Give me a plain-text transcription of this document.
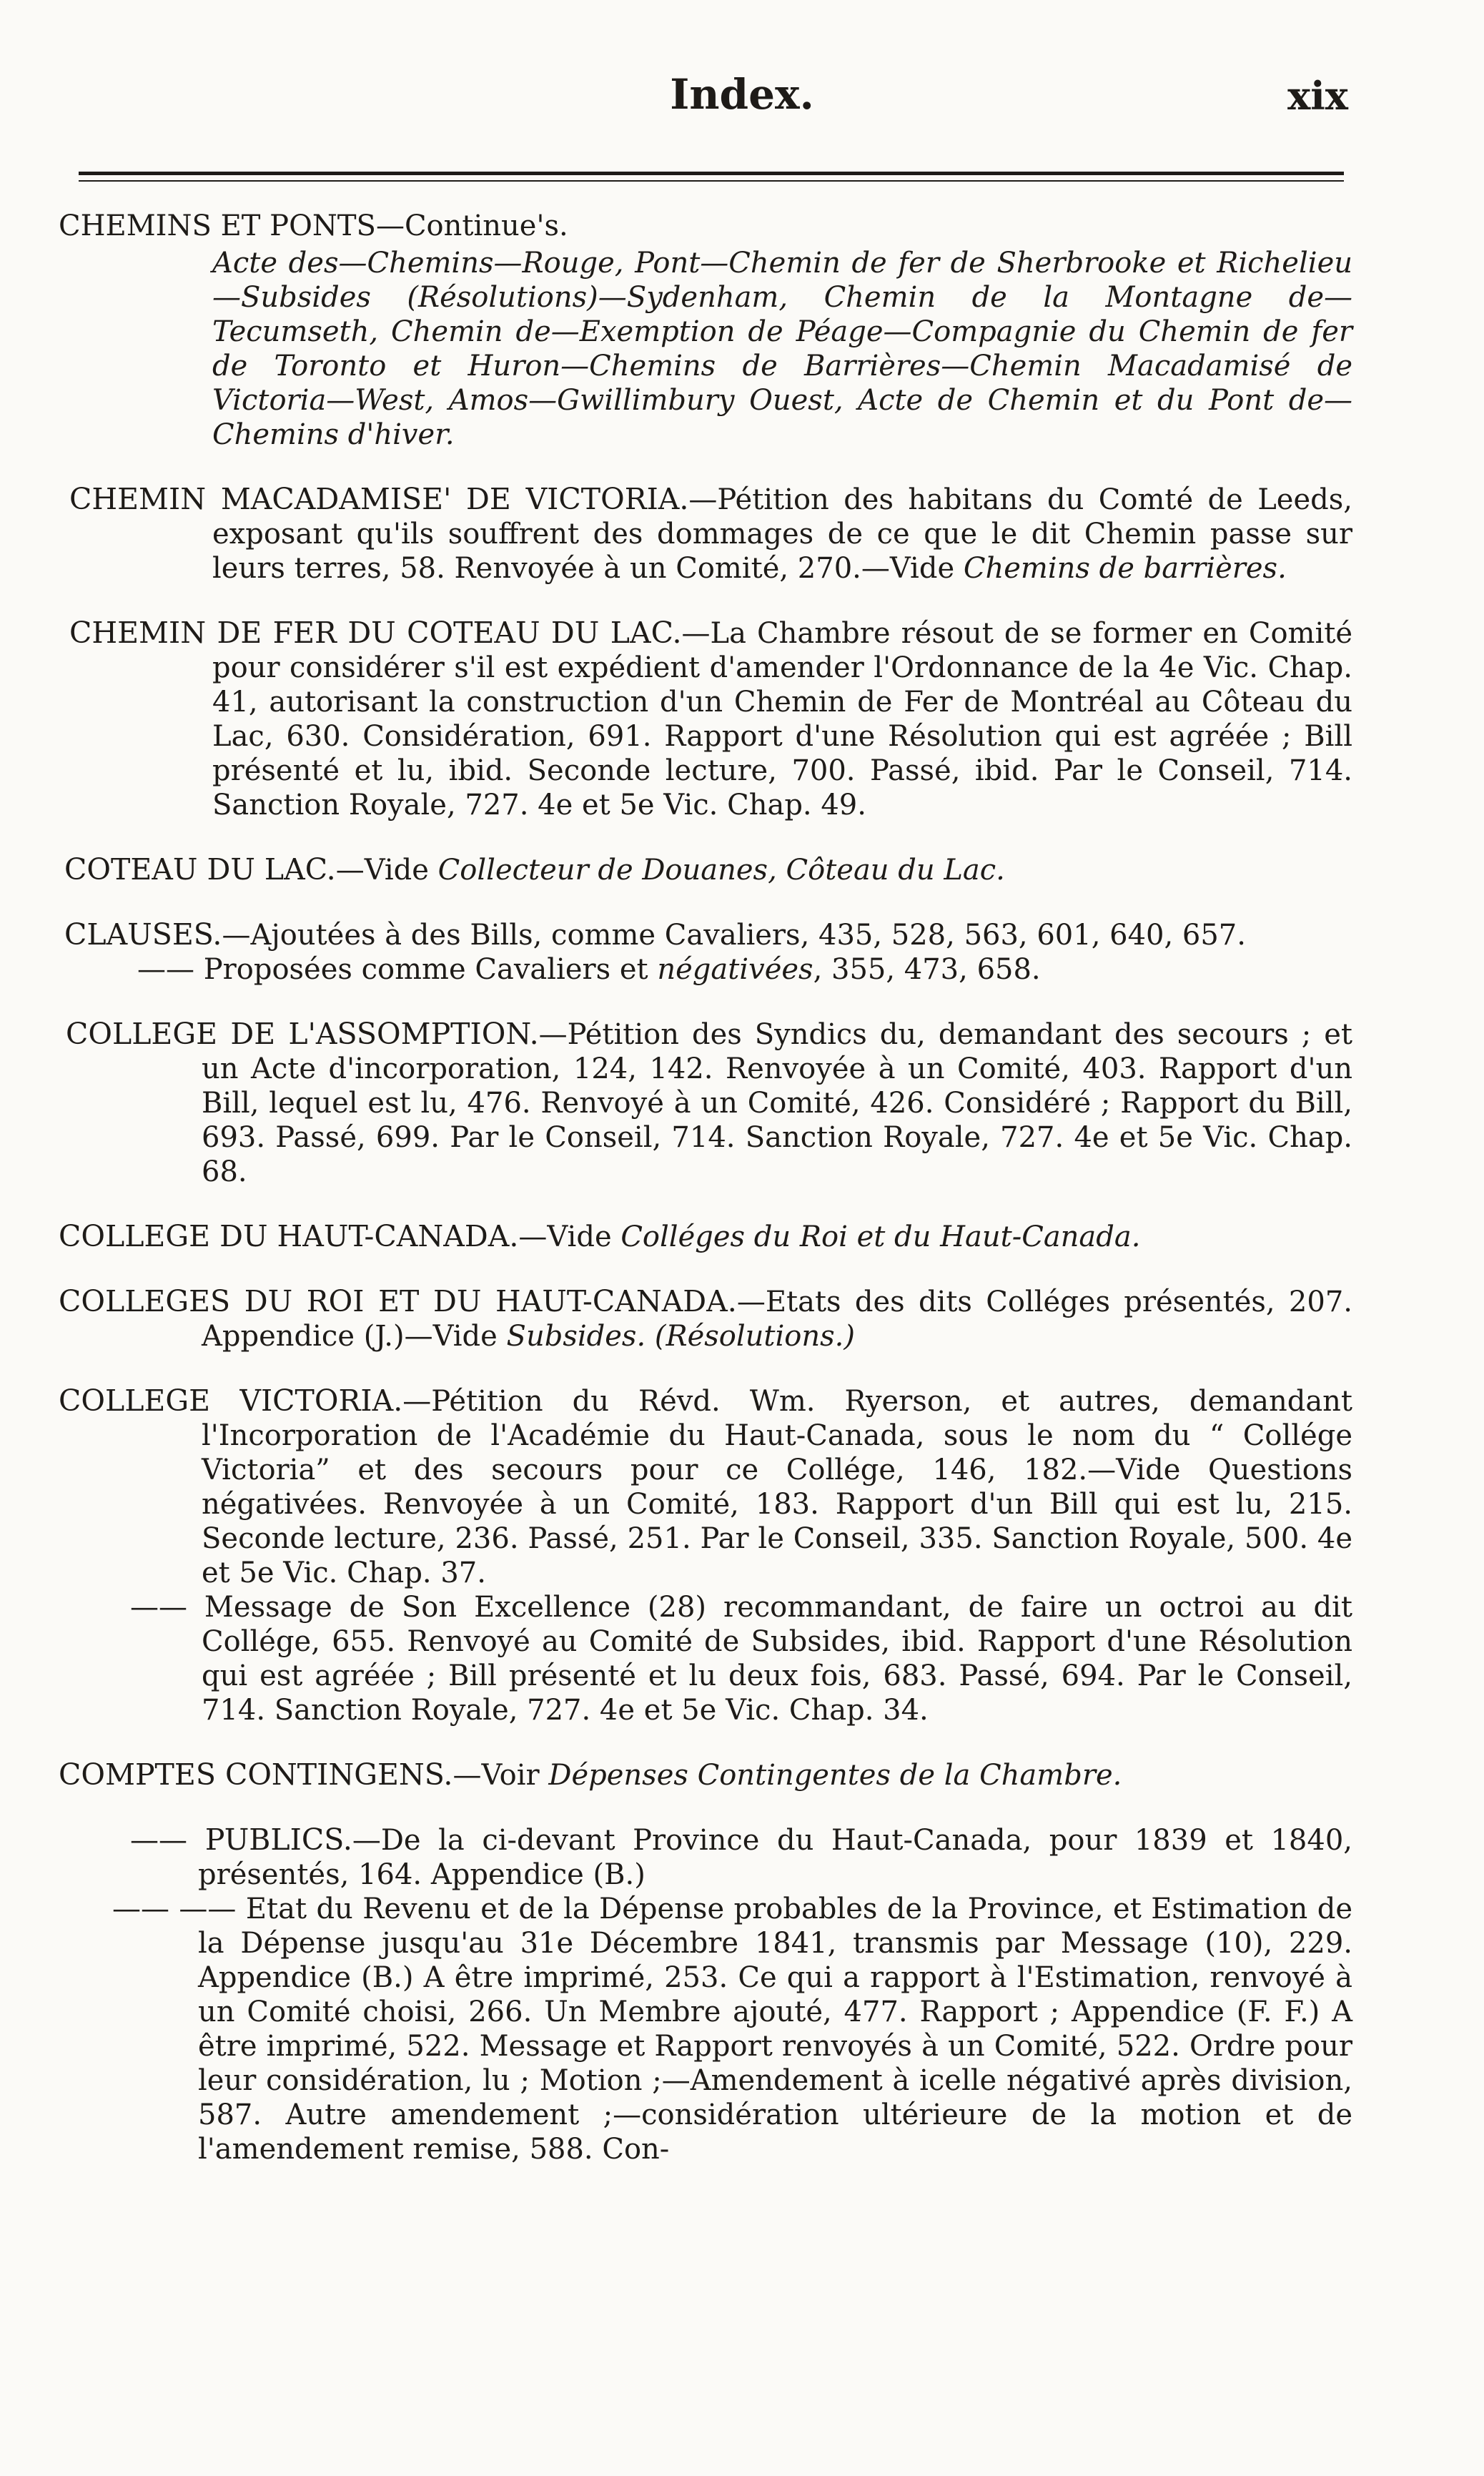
Index.	xix

CHEMINS ET PONTS—Continue's.

Acte des—Chemins—Rouge, Pont—Chemin de fer de Sherbrooke et Richelieu—Subsides (Résolutions)—Sydenham, Chemin de la Montagne de—Tecumseth, Chemin de—Exemption de Péage—Compagnie du Chemin de fer de Toronto et Huron—Chemins de Barrières—Chemin Macadamisé de Victoria—West, Amos—Gwillimbury Ouest, Acte de Chemin et du Pont de—Chemins d'hiver.

CHEMIN MACADAMISE' DE VICTORIA.—Pétition des habitans du Comté de Leeds, exposant qu'ils souffrent des dommages de ce que le dit Chemin passe sur leurs terres, 58. Renvoyée à un Comité, 270.—Vide Chemins de barrières.

CHEMIN DE FER DU COTEAU DU LAC.—La Chambre résout de se former en Comité pour considérer s'il est expédient d'amender l'Ordonnance de la 4e Vic. Chap. 41, autorisant la construction d'un Chemin de Fer de Montréal au Côteau du Lac, 630. Considération, 691. Rapport d'une Résolution qui est agréée ; Bill présenté et lu, ibid. Seconde lecture, 700. Passé, ibid. Par le Conseil, 714. Sanction Royale, 727. 4e et 5e Vic. Chap. 49.

COTEAU DU LAC.—Vide Collecteur de Douanes, Côteau du Lac.

CLAUSES.—Ajoutées à des Bills, comme Cavaliers, 435, 528, 563, 601, 640, 657.

—— Proposées comme Cavaliers et négativées, 355, 473, 658.

COLLEGE DE L'ASSOMPTION.—Pétition des Syndics du, demandant des secours ; et un Acte d'incorporation, 124, 142. Renvoyée à un Comité, 403. Rapport d'un Bill, lequel est lu, 476. Renvoyé à un Comité, 426. Considéré ; Rapport du Bill, 693. Passé, 699. Par le Conseil, 714. Sanction Royale, 727. 4e et 5e Vic. Chap. 68.

COLLEGE DU HAUT-CANADA.—Vide Colléges du Roi et du Haut-Canada.

COLLEGES DU ROI ET DU HAUT-CANADA.—Etats des dits Colléges présentés, 207. Appendice (J.)—Vide Subsides. (Résolutions.)

COLLEGE VICTORIA.—Pétition du Révd. Wm. Ryerson, et autres, demandant l'Incorporation de l'Académie du Haut-Canada, sous le nom du “ Collége Victoria” et des secours pour ce Collége, 146, 182.—Vide Questions négativées. Renvoyée à un Comité, 183. Rapport d'un Bill qui est lu, 215. Seconde lecture, 236. Passé, 251. Par le Conseil, 335. Sanction Royale, 500. 4e et 5e Vic. Chap. 37.

—— Message de Son Excellence (28) recommandant, de faire un octroi au dit Collége, 655. Renvoyé au Comité de Subsides, ibid. Rapport d'une Résolution qui est agréée ; Bill présenté et lu deux fois, 683. Passé, 694. Par le Conseil, 714. Sanction Royale, 727. 4e et 5e Vic. Chap. 34.

COMPTES CONTINGENS.—Voir Dépenses Contingentes de la Chambre.

—— PUBLICS.—De la ci-devant Province du Haut-Canada, pour 1839 et 1840, présentés, 164. Appendice (B.)

—— —— Etat du Revenu et de la Dépense probables de la Province, et Estimation de la Dépense jusqu'au 31e Décembre 1841, transmis par Message (10), 229. Appendice (B.) A être imprimé, 253. Ce qui a rapport à l'Estimation, renvoyé à un Comité choisi, 266. Un Membre ajouté, 477. Rapport ; Appendice (F. F.) A être imprimé, 522. Message et Rapport renvoyés à un Comité, 522. Ordre pour leur considération, lu ; Motion ;—Amendement à icelle négativé après division, 587. Autre amendement ;—considération ultérieure de la motion et de l'amendement remise, 588. Con-
